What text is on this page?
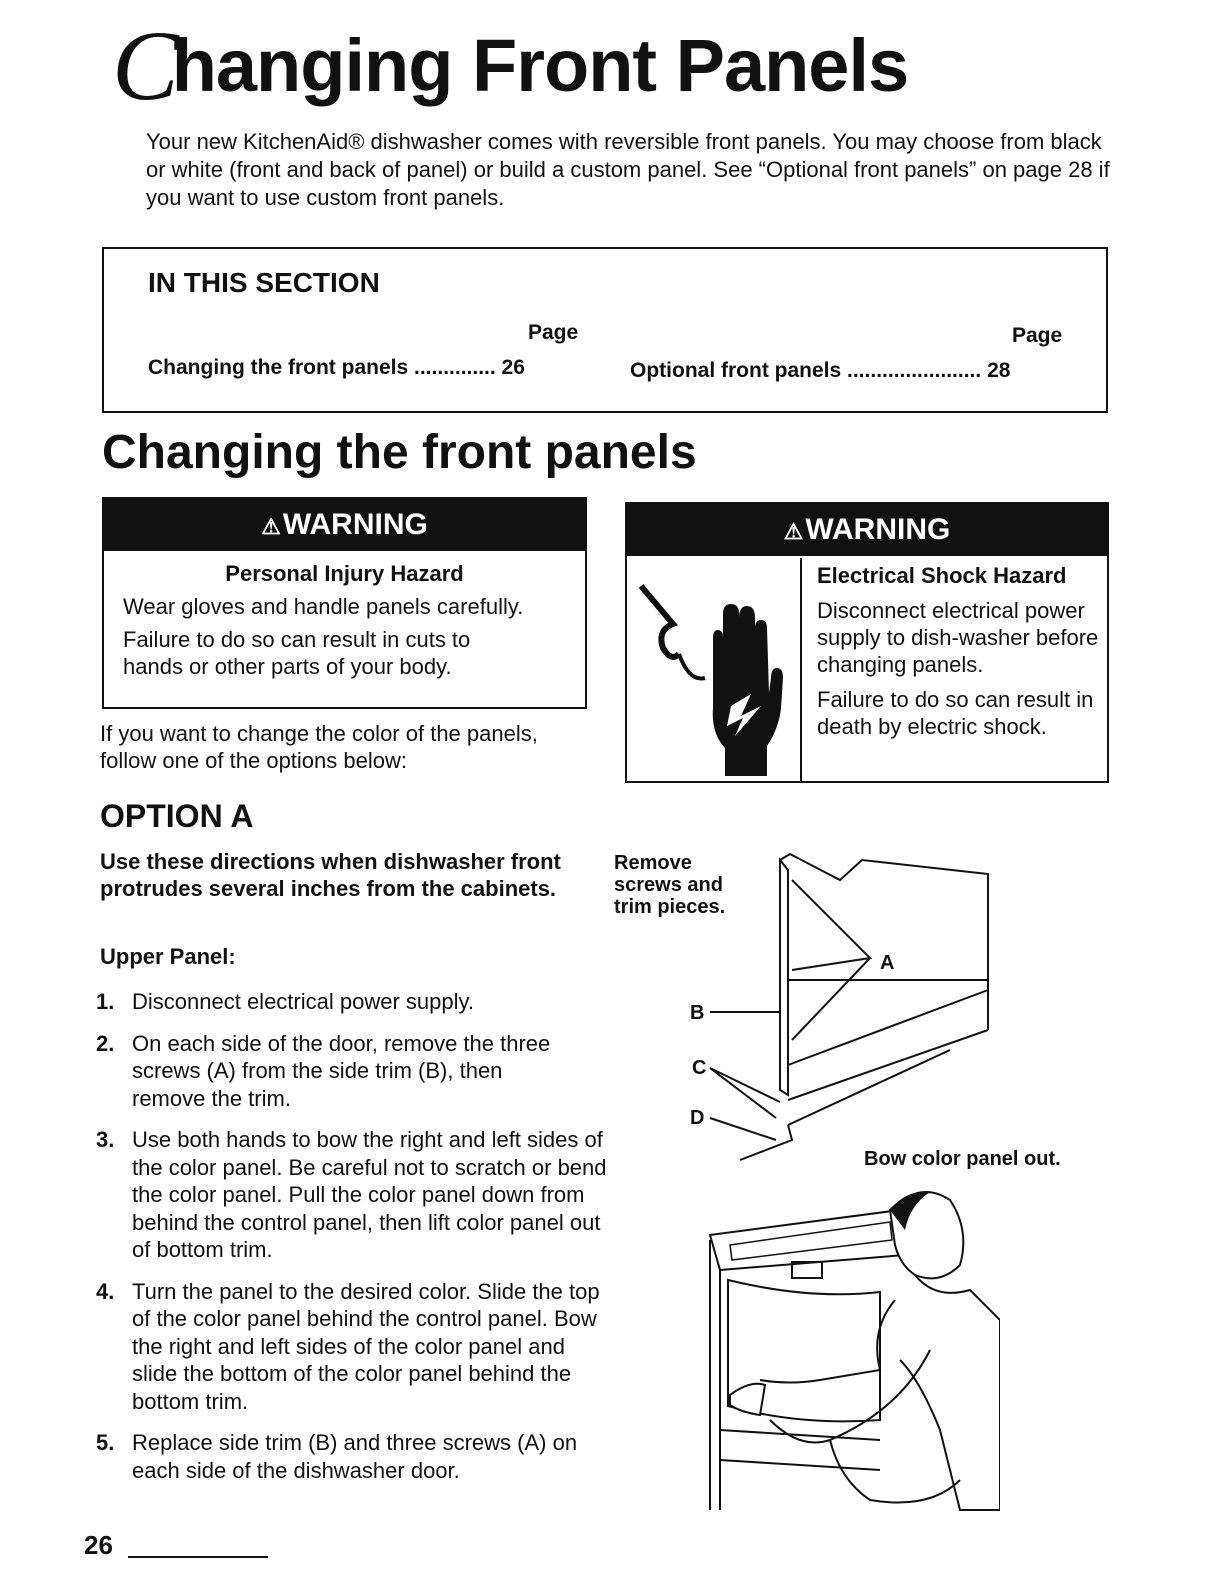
Changing Front Panels
Your new KitchenAid® dishwasher comes with reversible front panels. You may choose from black or white (front and back of panel) or build a custom panel. See “Optional front panels” on page 28 if you want to use custom front panels.
IN THIS SECTION
Page	Page
Changing the front panels .............. 26	Optional front panels ....................... 28
Changing the front panels
⚠WARNING
Personal Injury Hazard

Wear gloves and handle panels carefully.

Failure to do so can result in cuts to hands or other parts of your body.

⚠WARNING
Electrical Shock Hazard

Disconnect electrical power supply to dish-washer before changing panels.

Failure to do so can result in death by electric shock.

If you want to change the color of the panels, follow one of the options below:
OPTION A
Use these directions when dishwasher front protrudes several inches from the cabinets.
Upper Panel:
1. Disconnect electrical power supply.
2. On each side of the door, remove the three screws (A) from the side trim (B), then remove the trim.
3. Use both hands to bow the right and left sides of the color panel. Be careful not to scratch or bend the color panel. Pull the color panel down from behind the control panel, then lift color panel out of bottom trim.
4. Turn the panel to the desired color. Slide the top of the color panel behind the control panel. Bow the right and left sides of the color panel and slide the bottom of the color panel behind the bottom trim.
5. Replace side trim (B) and three screws (A) on each side of the dishwasher door.
Remove screws and trim pieces.
A
B
C
D
Bow color panel out.
26
